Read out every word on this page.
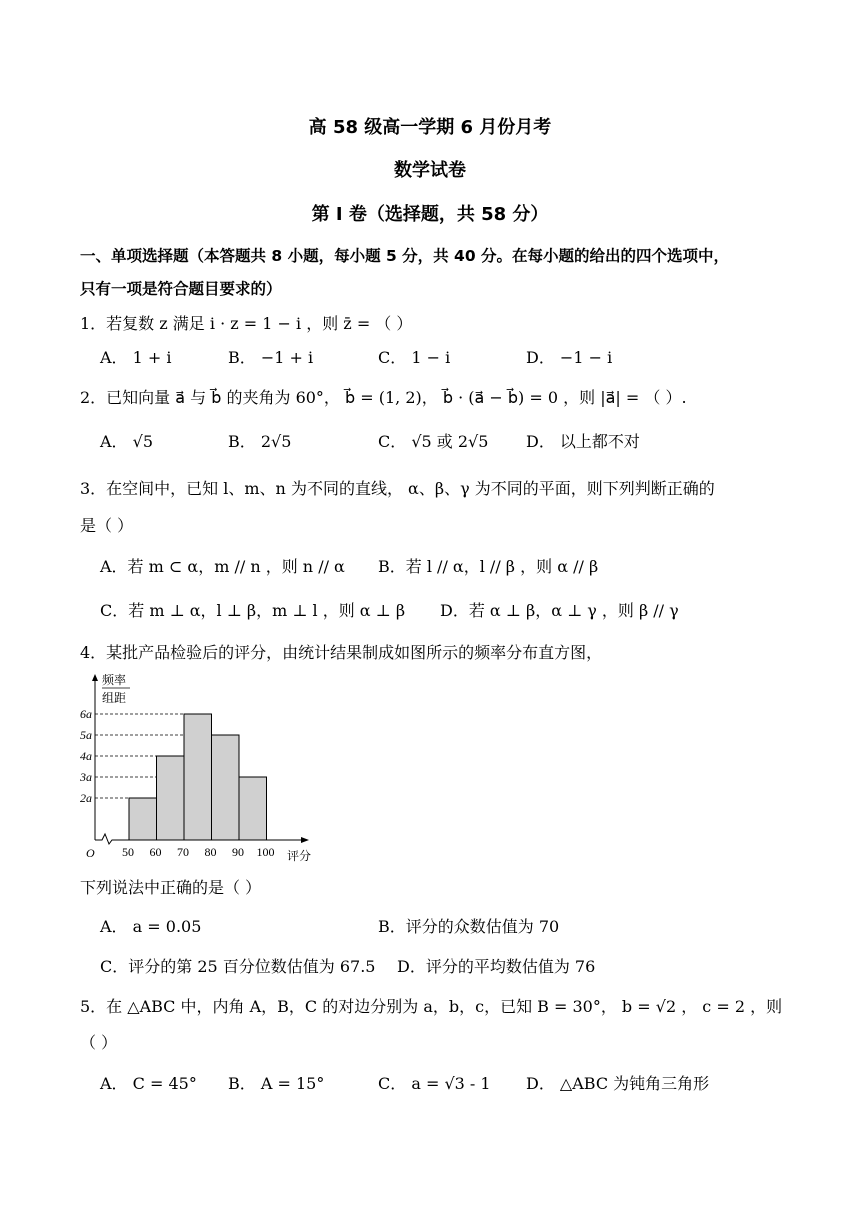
高 58 级高一学期 6 月份月考
数学试卷
第 I 卷（选择题，共 58 分）
一、单项选择题（本答题共 8 小题，每小题 5 分，共 40 分。在每小题的给出的四个选项中，
只有一项是符合题目要求的）
1．若复数 z 满足 i · z = 1 − i ，则 z̄ = （ ）
A． 1 + i	B． −1 + i	C． 1 − i	D． −1 − i
2．已知向量 a⃗ 与 b⃗ 的夹角为 60°， b⃗ = (1, 2)， b⃗ · (a⃗ − b⃗) = 0 ，则 |a⃗| = （ ）.
A． √5	B． 2√5	C． √5 或 2√5 D． 以上都不对
3．在空间中，已知 l、m、n 为不同的直线， α、β、γ 为不同的平面，则下列判断正确的
是（ ）
A．若 m ⊂ α，m // n ，则 n // α B．若 l // α，l // β ，则 α // β
C．若 m ⊥ α，l ⊥ β，m ⊥ l ，则 α ⊥ β D．若 α ⊥ β，α ⊥ γ ，则 β // γ
4．某批产品检验后的评分，由统计结果制成如图所示的频率分布直方图，
频率
组距
6a
5a
4a
3a
2a
50 60 70 80 90 100
O	评分
下列说法中正确的是（ ）
A． a = 0.05	B．评分的众数估值为 70
C．评分的第 25 百分位数估值为 67.5 D．评分的平均数估值为 76
5．在 △ABC 中，内角 A，B，C 的对边分别为 a，b，c，已知 B = 30°， b = √2 ， c = 2 ，则
（ ）
A． C = 45° B． A = 15°	C． a = √3 - 1 D． △ABC 为钝角三角形
